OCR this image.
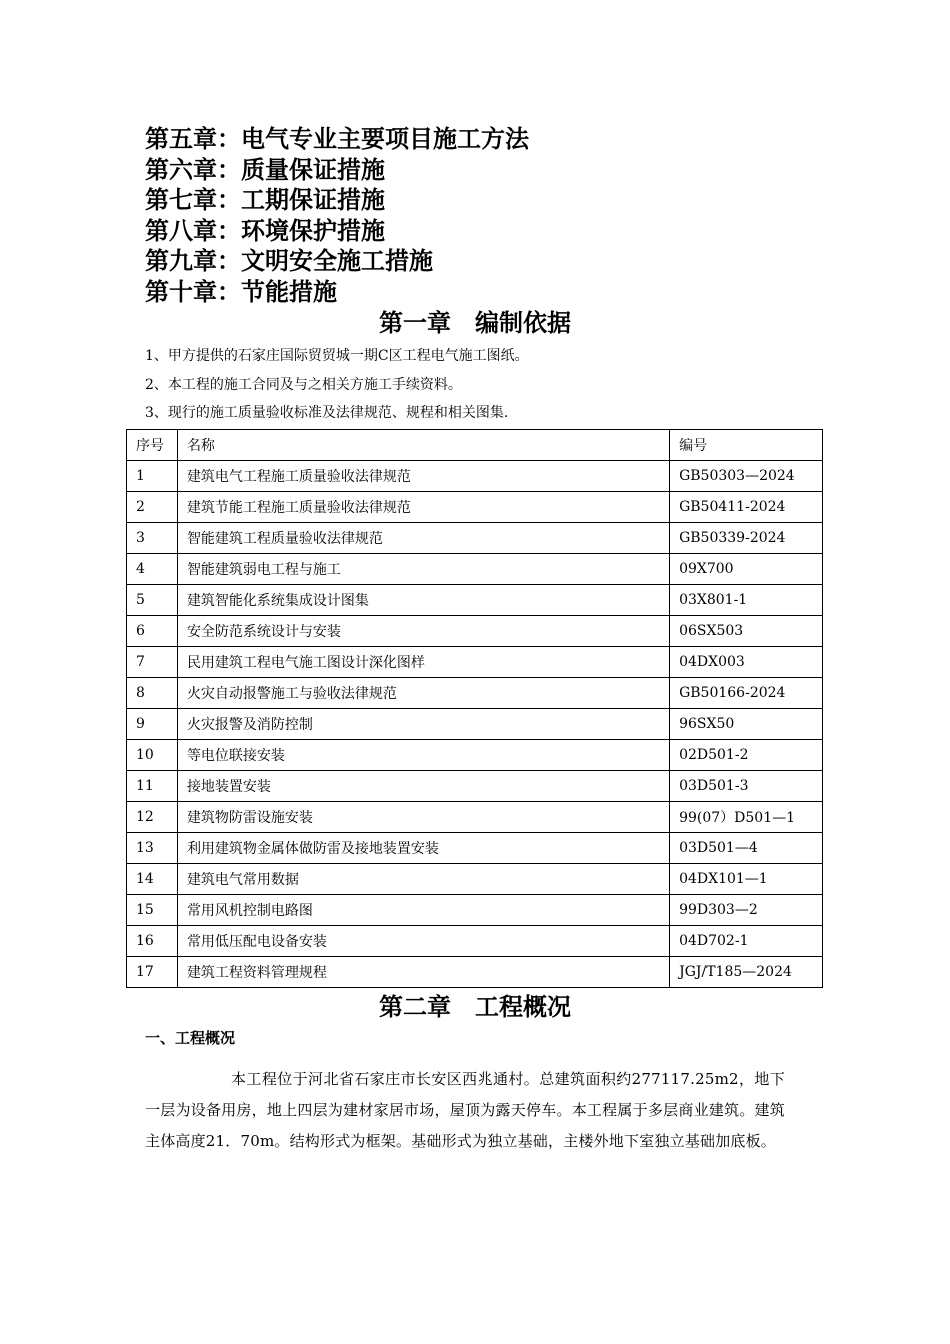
第五章：电气专业主要项目施工方法
第六章：质量保证措施
第七章：工期保证措施
第八章：环境保护措施
第九章：文明安全施工措施
第十章：节能措施
第一章　编制依据

1、甲方提供的石家庄国际贸贸城一期C区工程电气施工图纸。

2、本工程的施工合同及与之相关方施工手续资料。

3、现行的施工质量验收标准及法律规范、规程和相关图集.

序号	名称	编号
1	建筑电气工程施工质量验收法律规范	GB50303—2024
2	建筑节能工程施工质量验收法律规范	GB50411-2024
3	智能建筑工程质量验收法律规范	GB50339-2024
4	智能建筑弱电工程与施工	09X700
5	建筑智能化系统集成设计图集	03X801-1
6	安全防范系统设计与安装	06SX503
7	民用建筑工程电气施工图设计深化图样	04DX003
8	火灾自动报警施工与验收法律规范	GB50166-2024
9	火灾报警及消防控制	96SX50
10	等电位联接安装	02D501-2
11	接地装置安装	03D501-3
12	建筑物防雷设施安装	99(07）D501—1
13	利用建筑物金属体做防雷及接地装置安装	03D501—4
14	建筑电气常用数据	04DX101—1
15	常用风机控制电路图	99D303—2
16	常用低压配电设备安装	04D702-1
17	建筑工程资料管理规程	JGJ/T185—2024
第二章　工程概况
一、工程概况

本工程位于河北省石家庄市长安区西兆通村。总建筑面积约277117.25m2，地下一层为设备用房，地上四层为建材家居市场，屋顶为露天停车。本工程属于多层商业建筑。建筑主体高度21．70m。结构形式为框架。基础形式为独立基础，主楼外地下室独立基础加底板。
